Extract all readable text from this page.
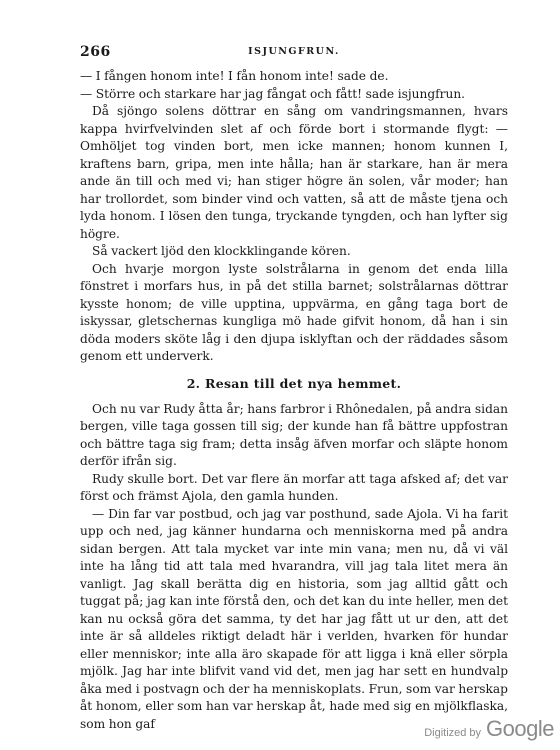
266	ISJUNGFRUN.

— I fången honom inte! I fån honom inte! sade de.

— Större och starkare har jag fångat och fått! sade isjungfrun.

Då sjöngo solens döttrar en sång om vandringsmannen, hvars kappa hvirfvelvinden slet af och förde bort i stormande flygt: — Omhöljet tog vinden bort, men icke mannen; honom kunnen I, kraftens barn, gripa, men inte hålla; han är starkare, han är mera ande än till och med vi; han stiger högre än solen, vår moder; han har trollordet, som binder vind och vatten, så att de måste tjena och lyda honom. I lösen den tunga, tryckande tyngden, och han lyfter sig högre.

Så vackert ljöd den klockklingande kören.

Och hvarje morgon lyste solstrålarna in genom det enda lilla fönstret i morfars hus, in på det stilla barnet; solstrålarnas döttrar kysste honom; de ville upptina, uppvärma, en gång taga bort de iskyssar, gletschernas kungliga mö hade gifvit honom, då han i sin döda moders sköte låg i den djupa isklyftan och der räddades såsom genom ett underverk.

2. Resan till det nya hemmet.

Och nu var Rudy åtta år; hans farbror i Rhônedalen, på andra sidan bergen, ville taga gossen till sig; der kunde han få bättre uppfostran och bättre taga sig fram; detta insåg äfven morfar och släpte honom derför ifrån sig.

Rudy skulle bort. Det var flere än morfar att taga afsked af; det var först och främst Ajola, den gamla hunden.

— Din far var postbud, och jag var posthund, sade Ajola. Vi ha farit upp och ned, jag känner hundarna och menniskorna med på andra sidan bergen. Att tala mycket var inte min vana; men nu, då vi väl inte ha lång tid att tala med hvarandra, vill jag tala litet mera än vanligt. Jag skall berätta dig en historia, som jag alltid gått och tuggat på; jag kan inte förstå den, och det kan du inte heller, men det kan nu också göra det samma, ty det har jag fått ut ur den, att det inte är så alldeles riktigt deladt här i verlden, hvarken för hundar eller menniskor; inte alla äro skapade för att ligga i knä eller sörpla mjölk. Jag har inte blifvit vand vid det, men jag har sett en hundvalp åka med i postvagn och der ha menniskoplats. Frun, som var herskap åt honom, eller som han var herskap åt, hade med sig en mjölkflaska, som hon gaf

Digitized by Google
